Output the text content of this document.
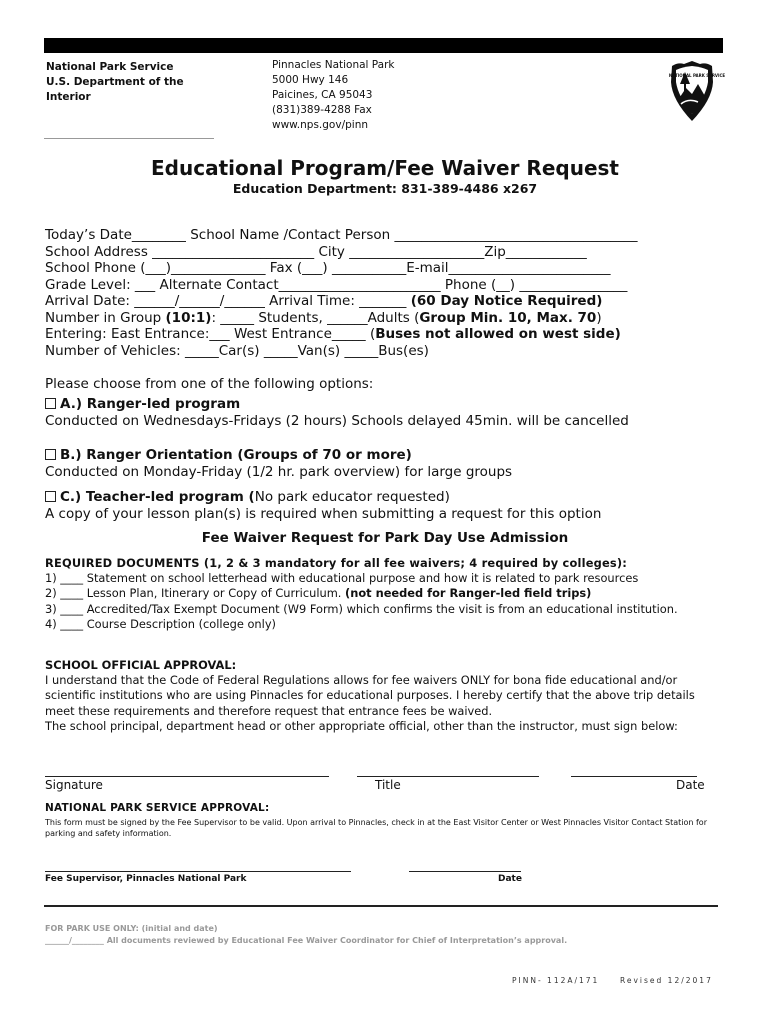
National Park Service
U.S. Department of the
Interior
Pinnacles National Park
5000 Hwy 146
Paicines, CA 95043
(831)389-4288 Fax
www.nps.gov/pinn
NATIONAL PARK SERVICE
Educational Program/Fee Waiver Request
Education Department: 831-389-4486 x267
Today’s Date________ School Name /Contact Person ____________________________________
School Address ________________________ City ____________________Zip____________
School Phone (___)______________ Fax (___) ___________E-mail________________________
Grade Level: ___ Alternate Contact________________________ Phone (__) ________________
Arrival Date: ______/______/______ Arrival Time: _______ (60 Day Notice Required)
Number in Group (10:1): _____ Students, ______Adults (Group Min. 10, Max. 70)
Entering: East Entrance:___ West Entrance_____ (Buses not allowed on west side)
Number of Vehicles: _____Car(s) _____Van(s) _____Bus(es)
Please choose from one of the following options:
A.) Ranger-led program
Conducted on Wednesdays-Fridays (2 hours) Schools delayed 45min. will be cancelled
B.) Ranger Orientation (Groups of 70 or more)
Conducted on Monday-Friday (1/2 hr. park overview) for large groups
C.) Teacher-led program (No park educator requested)
A copy of your lesson plan(s) is required when submitting a request for this option
Fee Waiver Request for Park Day Use Admission
REQUIRED DOCUMENTS (1, 2 & 3 mandatory for all fee waivers; 4 required by colleges):
1) ____ Statement on school letterhead with educational purpose and how it is related to park resources
2) ____ Lesson Plan, Itinerary or Copy of Curriculum. (not needed for Ranger-led field trips)
3) ____ Accredited/Tax Exempt Document (W9 Form) which confirms the visit is from an educational institution.
4) ____ Course Description (college only)
SCHOOL OFFICIAL APPROVAL:
I understand that the Code of Federal Regulations allows for fee waivers ONLY for bona fide educational and/or scientific institutions who are using Pinnacles for educational purposes. I hereby certify that the above trip details meet these requirements and therefore request that entrance fees be waived.
The school principal, department head or other appropriate official, other than the instructor, must sign below:
Signature	Title	Date
NATIONAL PARK SERVICE APPROVAL:
This form must be signed by the Fee Supervisor to be valid. Upon arrival to Pinnacles, check in at the East Visitor Center or West Pinnacles Visitor Contact Station for parking and safety information.
Fee Supervisor, Pinnacles National Park	Date
FOR PARK USE ONLY: (initial and date)
______/________ All documents reviewed by Educational Fee Waiver Coordinator for Chief of Interpretation’s approval.
PINN- 112A/171	Revised 12/2017
